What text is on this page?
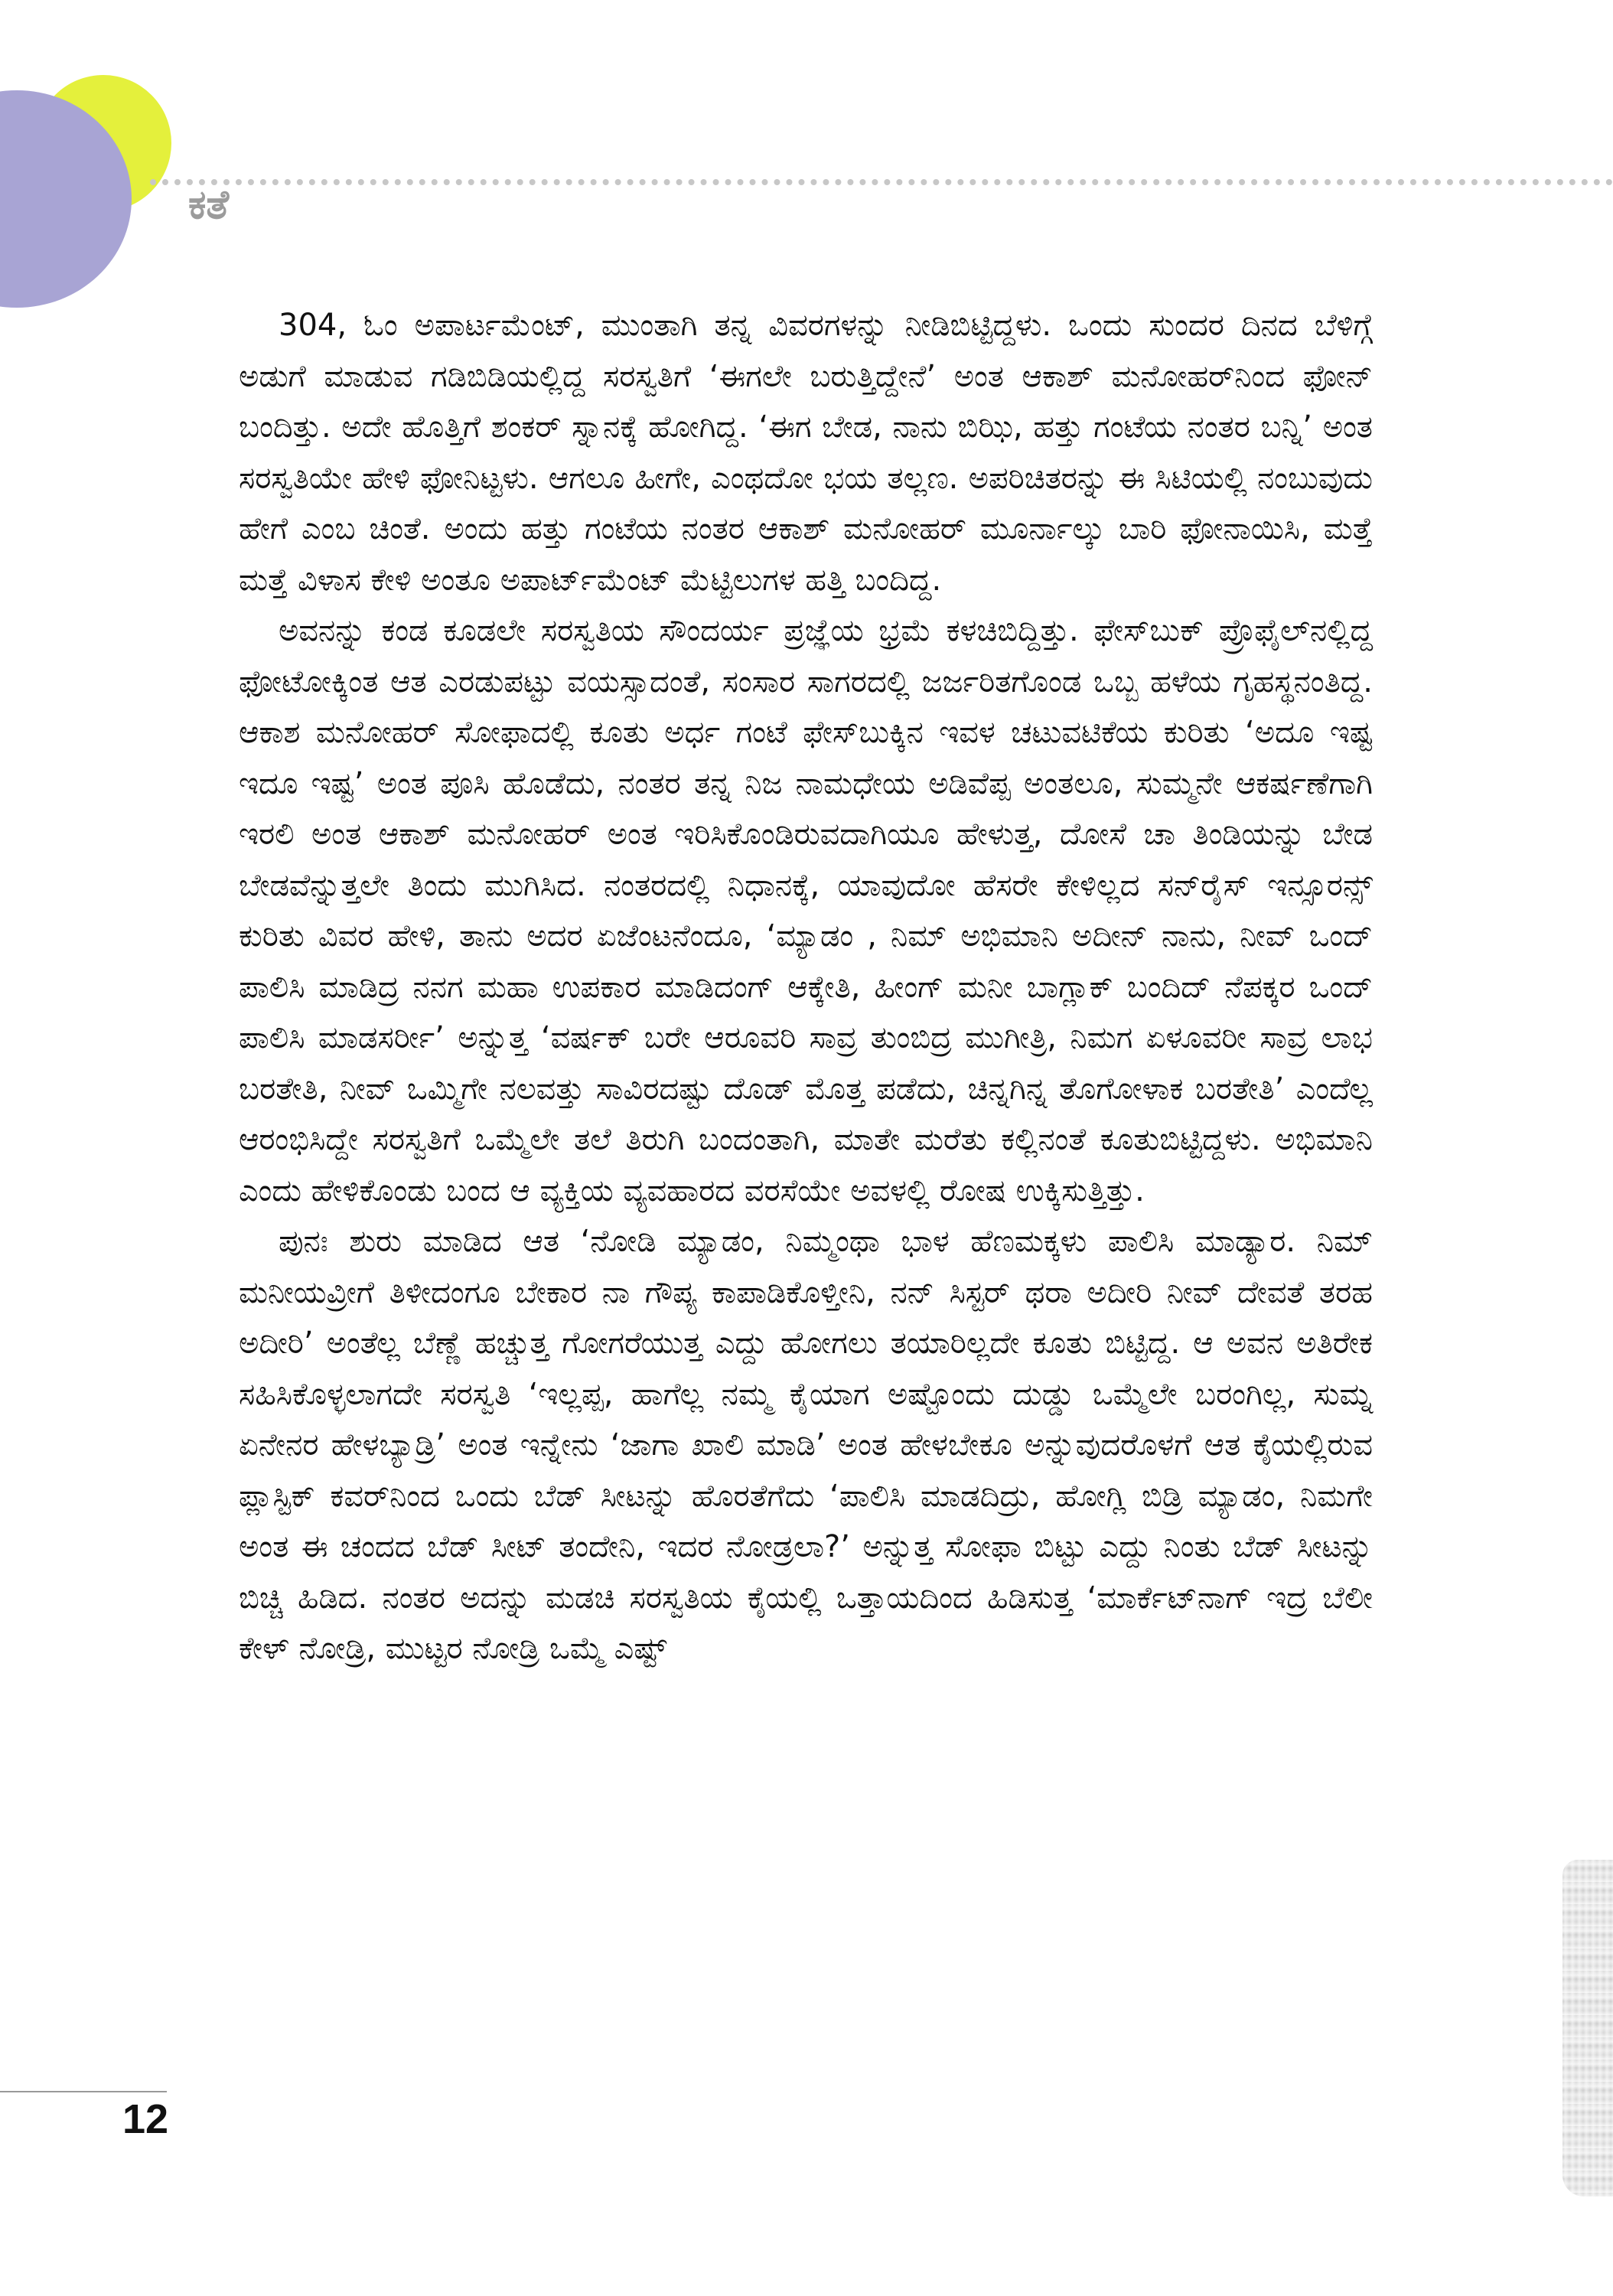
ಕತೆ

304, ಓಂ ಅಪಾರ್ಟಮೆಂಟ್, ಮುಂತಾಗಿ ತನ್ನ ವಿವರಗಳನ್ನು ನೀಡಿಬಿಟ್ಟಿದ್ದಳು. ಒಂದು ಸುಂದರ ದಿನದ ಬೆಳಿಗ್ಗೆ ಅಡುಗೆ ಮಾಡುವ ಗಡಿಬಿಡಿಯಲ್ಲಿದ್ದ ಸರಸ್ವತಿಗೆ ‘ಈಗಲೇ ಬರುತ್ತಿದ್ದೇನೆ’ ಅಂತ ಆಕಾಶ್ ಮನೋಹರ್‌ನಿಂದ ಫೋನ್ ಬಂದಿತ್ತು. ಅದೇ ಹೊತ್ತಿಗೆ ಶಂಕರ್ ಸ್ನಾನಕ್ಕೆ ಹೋಗಿದ್ದ. ‘ಈಗ ಬೇಡ, ನಾನು ಬಿಝಿ, ಹತ್ತು ಗಂಟೆಯ ನಂತರ ಬನ್ನಿ’ ಅಂತ ಸರಸ್ವತಿಯೇ ಹೇಳಿ ಫೋನಿಟ್ಟಳು. ಆಗಲೂ ಹೀಗೇ, ಎಂಥದೋ ಭಯ ತಲ್ಲಣ. ಅಪರಿಚಿತರನ್ನು ಈ ಸಿಟಿಯಲ್ಲಿ ನಂಬುವುದು ಹೇಗೆ ಎಂಬ ಚಿಂತೆ. ಅಂದು ಹತ್ತು ಗಂಟೆಯ ನಂತರ ಆಕಾಶ್ ಮನೋಹರ್ ಮೂರ್ನಾಲ್ಕು ಬಾರಿ ಫೋನಾಯಿಸಿ, ಮತ್ತೆ ಮತ್ತೆ ವಿಳಾಸ ಕೇಳಿ ಅಂತೂ ಅಪಾರ್ಟ್‌ಮೆಂಟ್ ಮೆಟ್ಟಿಲುಗಳ ಹತ್ತಿ ಬಂದಿದ್ದ.

ಅವನನ್ನು ಕಂಡ ಕೂಡಲೇ ಸರಸ್ವತಿಯ ಸೌಂದರ್ಯ ಪ್ರಜ್ಞೆಯ ಭ್ರಮೆ ಕಳಚಿಬಿದ್ದಿತ್ತು. ಫೇಸ್‌ಬುಕ್ ಪ್ರೊಫೈಲ್‌ನಲ್ಲಿದ್ದ ಫೋಟೋಕ್ಕಿಂತ ಆತ ಎರಡುಪಟ್ಟು ವಯಸ್ಸಾದಂತೆ, ಸಂಸಾರ ಸಾಗರದಲ್ಲಿ ಜರ್ಜರಿತಗೊಂಡ ಒಬ್ಬ ಹಳೆಯ ಗೃಹಸ್ಥನಂತಿದ್ದ. ಆಕಾಶ ಮನೋಹರ್ ಸೋಫಾದಲ್ಲಿ ಕೂತು ಅರ್ಧ ಗಂಟೆ ಫೇಸ್‌ಬುಕ್ಕಿನ ಇವಳ ಚಟುವಟಿಕೆಯ ಕುರಿತು ‘ಅದೂ ಇಷ್ಟ ಇದೂ ಇಷ್ಟ’ ಅಂತ ಪೂಸಿ ಹೊಡೆದು, ನಂತರ ತನ್ನ ನಿಜ ನಾಮಧೇಯ ಅಡಿವೆಪ್ಪ ಅಂತಲೂ, ಸುಮ್ಮನೇ ಆಕರ್ಷಣೆಗಾಗಿ ಇರಲಿ ಅಂತ ಆಕಾಶ್ ಮನೋಹರ್ ಅಂತ ಇರಿಸಿಕೊಂಡಿರುವದಾಗಿಯೂ ಹೇಳುತ್ತ, ದೋಸೆ ಚಾ ತಿಂಡಿಯನ್ನು ಬೇಡ ಬೇಡವೆನ್ನುತ್ತಲೇ ತಿಂದು ಮುಗಿಸಿದ. ನಂತರದಲ್ಲಿ ನಿಧಾನಕ್ಕೆ, ಯಾವುದೋ ಹೆಸರೇ ಕೇಳಿಲ್ಲದ ಸನ್‌ರೈಸ್ ಇನ್ಸೂರನ್ಸ್ ಕುರಿತು ವಿವರ ಹೇಳಿ, ತಾನು ಅದರ ಏಜೆಂಟನೆಂದೂ, ‘ಮ್ಯಾಡಂ , ನಿಮ್ ಅಭಿಮಾನಿ ಅದೀನ್ ನಾನು, ನೀವ್ ಒಂದ್ ಪಾಲಿಸಿ ಮಾಡಿದ್ರ ನನಗ ಮಹಾ ಉಪಕಾರ ಮಾಡಿದಂಗ್ ಆಕ್ಕೇತಿ, ಹೀಂಗ್ ಮನೀ ಬಾಗ್ಲಾಕ್ ಬಂದಿದ್ ನೆಪಕ್ಕರ ಒಂದ್ ಪಾಲಿಸಿ ಮಾಡಸರ್ರೀ’ ಅನ್ನುತ್ತ ‘ವರ್ಷಕ್ ಬರೇ ಆರೂವರಿ ಸಾವ್ರ ತುಂಬಿದ್ರ ಮುಗೀತ್ರಿ, ನಿಮಗ ಏಳೂವರೀ ಸಾವ್ರ ಲಾಭ ಬರತೇತಿ, ನೀವ್ ಒಮ್ಮಿಗೇ ನಲವತ್ತು ಸಾವಿರದಷ್ಟು ದೊಡ್ ಮೊತ್ತ ಪಡೆದು, ಚಿನ್ನಗಿನ್ನ ತೊಗೋಳಾಕ ಬರತೇತಿ’ ಎಂದೆಲ್ಲ ಆರಂಭಿಸಿದ್ದೇ ಸರಸ್ವತಿಗೆ ಒಮ್ಮೆಲೇ ತಲೆ ತಿರುಗಿ ಬಂದಂತಾಗಿ, ಮಾತೇ ಮರೆತು ಕಲ್ಲಿನಂತೆ ಕೂತುಬಿಟ್ಟಿದ್ದಳು. ಅಭಿಮಾನಿ ಎಂದು ಹೇಳಿಕೊಂಡು ಬಂದ ಆ ವ್ಯಕ್ತಿಯ ವ್ಯವಹಾರದ ವರಸೆಯೇ ಅವಳಲ್ಲಿ ರೋಷ ಉಕ್ಕಿಸುತ್ತಿತ್ತು.

ಪುನಃ ಶುರು ಮಾಡಿದ ಆತ ‘ನೋಡಿ ಮ್ಯಾಡಂ, ನಿಮ್ಮಂಥಾ ಭಾಳ ಹೆಣಮಕ್ಕಳು ಪಾಲಿಸಿ ಮಾಡ್ಯಾರ. ನಿಮ್ ಮನೀಯವ್ರೀಗೆ ತಿಳೀದಂಗೂ ಬೇಕಾರ ನಾ ಗೌಪ್ಯ ಕಾಪಾಡಿಕೊಳ್ತೀನಿ, ನನ್ ಸಿಸ್ಟರ್ ಥರಾ ಅದೀರಿ ನೀವ್ ದೇವತೆ ತರಹ ಅದೀರಿ’ ಅಂತೆಲ್ಲ ಬೆಣ್ಣೆ ಹಚ್ಚುತ್ತ ಗೋಗರೆಯುತ್ತ ಎದ್ದು ಹೋಗಲು ತಯಾರಿಲ್ಲದೇ ಕೂತು ಬಿಟ್ಟಿದ್ದ. ಆ ಅವನ ಅತಿರೇಕ ಸಹಿಸಿಕೊಳ್ಳಲಾಗದೇ ಸರಸ್ವತಿ ‘ಇಲ್ಲಪ್ಪ, ಹಾಗೆಲ್ಲ ನಮ್ಮ ಕೈಯಾಗ ಅಷ್ಟೊಂದು ದುಡ್ಡು ಒಮ್ಮೆಲೇ ಬರಂಗಿಲ್ಲ, ಸುಮ್ನ ಏನೇನರ ಹೇಳಬ್ಯಾಡ್ರಿ’ ಅಂತ ಇನ್ನೇನು ‘ಜಾಗಾ ಖಾಲಿ ಮಾಡಿ’ ಅಂತ ಹೇಳಬೇಕೂ ಅನ್ನುವುದರೊಳಗೆ ಆತ ಕೈಯಲ್ಲಿರುವ ಪ್ಲಾಸ್ಟಿಕ್ ಕವರ್‌ನಿಂದ ಒಂದು ಬೆಡ್ ಸೀಟನ್ನು ಹೊರತೆಗೆದು ‘ಪಾಲಿಸಿ ಮಾಡದಿದ್ರು, ಹೋಗ್ಲಿ ಬಿಡ್ರಿ ಮ್ಯಾಡಂ, ನಿಮಗೇ ಅಂತ ಈ ಚಂದದ ಬೆಡ್ ಸೀಟ್ ತಂದೇನಿ, ಇದರ ನೋಡ್ರಲಾ?’ ಅನ್ನುತ್ತ ಸೋಫಾ ಬಿಟ್ಟು ಎದ್ದು ನಿಂತು ಬೆಡ್ ಸೀಟನ್ನು ಬಿಚ್ಚಿ ಹಿಡಿದ. ನಂತರ ಅದನ್ನು ಮಡಚಿ ಸರಸ್ವತಿಯ ಕೈಯಲ್ಲಿ ಒತ್ತಾಯದಿಂದ ಹಿಡಿಸುತ್ತ ‘ಮಾರ್ಕೆಟ್‌ನಾಗ್ ಇದ್ರ ಬೆಲೀ ಕೇಳ್ ನೋಡ್ರಿ, ಮುಟ್ಟರ ನೋಡ್ರಿ ಒಮ್ಮೆ ಎಷ್ಟ್

12
